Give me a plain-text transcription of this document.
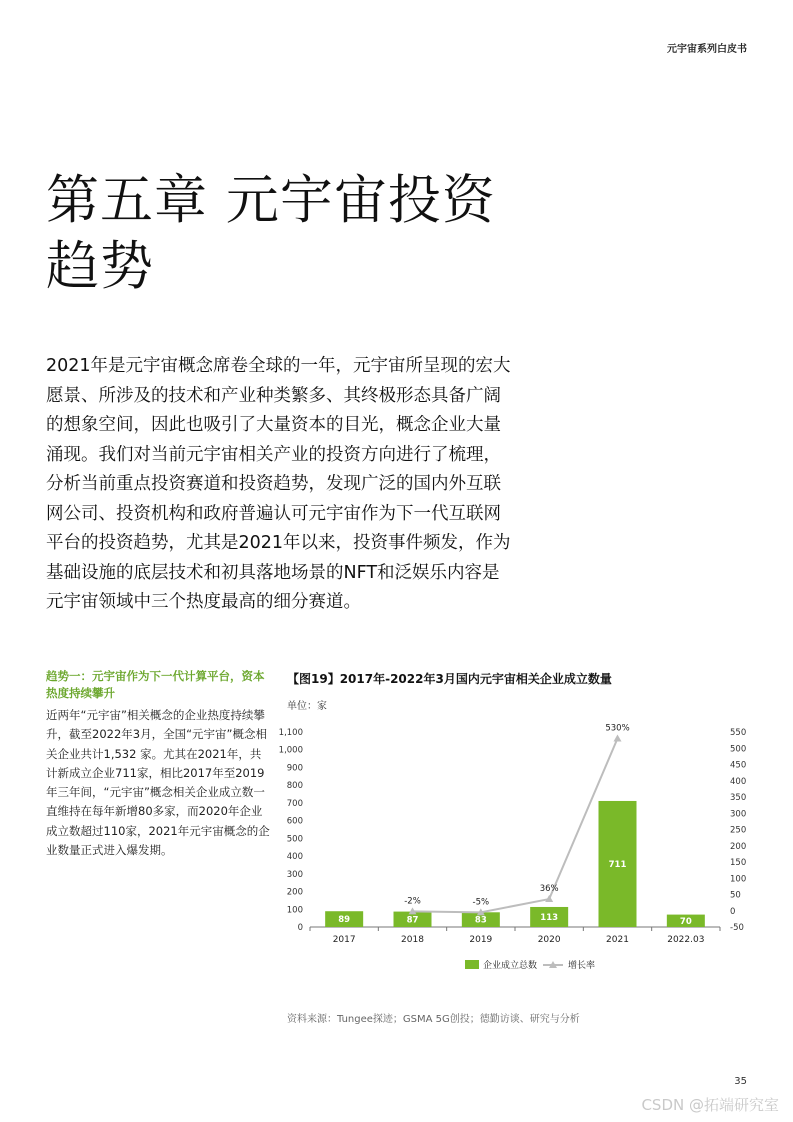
元宇宙系列白皮书
第五章 元宇宙投资
趋势

2021年是元宇宙概念席卷全球的一年，元宇宙所呈现的宏大愿景、所涉及的技术和产业种类繁多、其终极形态具备广阔的想象空间，因此也吸引了大量资本的目光，概念企业大量涌现。我们对当前元宇宙相关产业的投资方向进行了梳理，分析当前重点投资赛道和投资趋势，发现广泛的国内外互联网公司、投资机构和政府普遍认可元宇宙作为下一代互联网平台的投资趋势，尤其是2021年以来，投资事件频发，作为基础设施的底层技术和初具落地场景的NFT和泛娱乐内容是元宇宙领域中三个热度最高的细分赛道。

趋势一：元宇宙作为下一代计算平台，资本热度持续攀升

近两年“元宇宙”相关概念的企业热度持续攀升，截至2022年3月，全国“元宇宙”概念相关企业共计1,532 家。尤其在2021年，共计新成立企业711家，相比2017年至2019年三年间，“元宇宙”概念相关企业成立数一直维持在每年新增80多家，而2020年企业成立数超过110家，2021年元宇宙概念的企业数量正式进入爆发期。

【图19】2017年-2022年3月国内元宇宙相关企业成立数量
单位：家
0
100
200
300
400
500
600
700
800
900
1,000
1,100
-50
0
50
100
150
200
250
300
350
400
450
500
550
89	87	83	113
711
70
-2%	-5%
36%
530%
2017	2018	2019	2020	2021	2022.03
企业成立总数	增长率
资料来源：Tungee探迹；GSMA 5G创投；德勤访谈、研究与分析
35
CSDN @拓端研究室
